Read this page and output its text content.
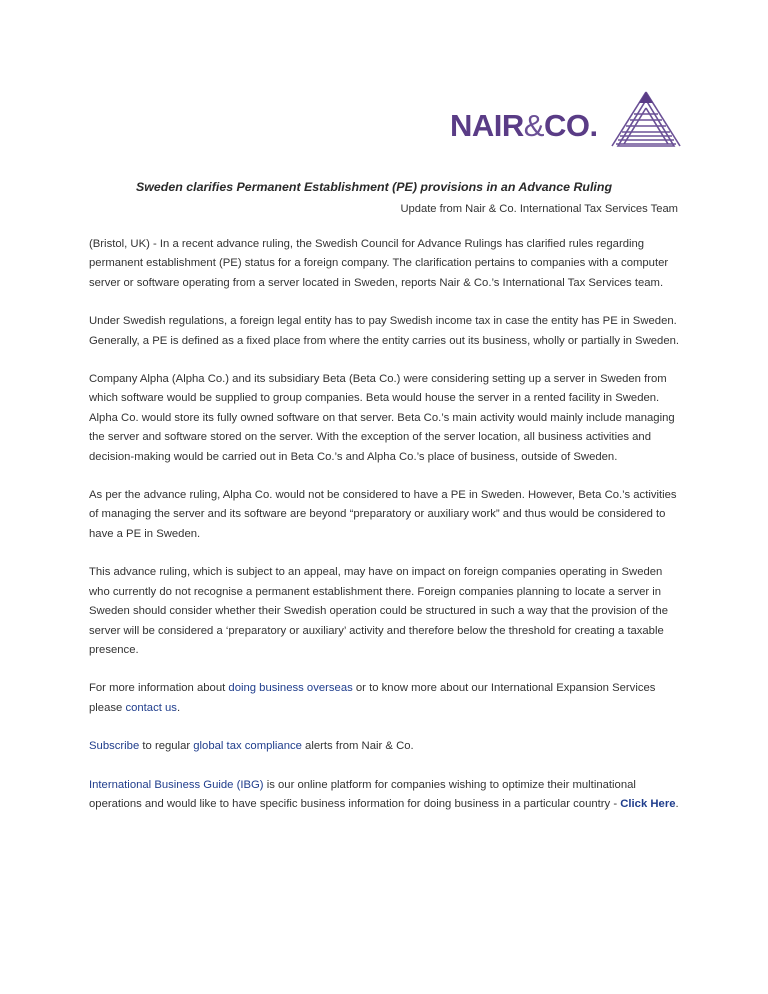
NAIR&CO.
Sweden clarifies Permanent Establishment (PE) provisions in an Advance Ruling
Update from Nair & Co. International Tax Services Team

(Bristol, UK) - In a recent advance ruling, the Swedish Council for Advance Rulings has clarified rules regarding permanent establishment (PE) status for a foreign company. The clarification pertains to companies with a computer server or software operating from a server located in Sweden, reports Nair & Co.’s International Tax Services team.

Under Swedish regulations, a foreign legal entity has to pay Swedish income tax in case the entity has PE in Sweden. Generally, a PE is defined as a fixed place from where the entity carries out its business, wholly or partially in Sweden.

Company Alpha (Alpha Co.) and its subsidiary Beta (Beta Co.) were considering setting up a server in Sweden from which software would be supplied to group companies. Beta would house the server in a rented facility in Sweden. Alpha Co. would store its fully owned software on that server. Beta Co.’s main activity would mainly include managing the server and software stored on the server. With the exception of the server location, all business activities and decision-making would be carried out in Beta Co.’s and Alpha Co.’s place of business, outside of Sweden.

As per the advance ruling, Alpha Co. would not be considered to have a PE in Sweden. However, Beta Co.’s activities of managing the server and its software are beyond “preparatory or auxiliary work” and thus would be considered to have a PE in Sweden.

This advance ruling, which is subject to an appeal, may have on impact on foreign companies operating in Sweden who currently do not recognise a permanent establishment there. Foreign companies planning to locate a server in Sweden should consider whether their Swedish operation could be structured in such a way that the provision of the server will be considered a ‘preparatory or auxiliary’ activity and therefore below the threshold for creating a taxable presence.

For more information about doing business overseas or to know more about our International Expansion Services please contact us.

Subscribe to regular global tax compliance alerts from Nair & Co.

International Business Guide (IBG) is our online platform for companies wishing to optimize their multinational operations and would like to have specific business information for doing business in a particular country - Click Here.
